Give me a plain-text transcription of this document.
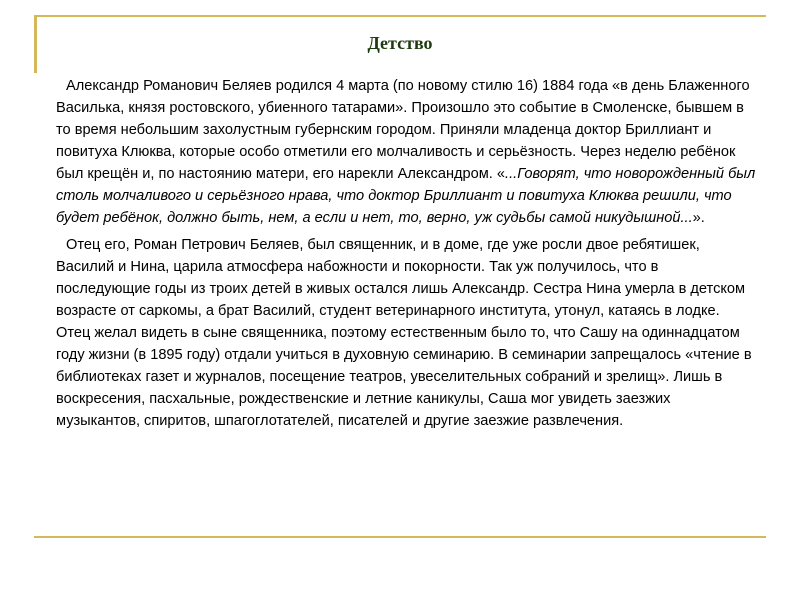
Детство

Александр Романович Беляев родился 4 марта (по новому стилю 16) 1884 года «в день Блаженного Василька, князя ростовского, убиенного татарами». Произошло это событие в Смоленске, бывшем в то время небольшим захолустным губернским городом. Приняли младенца доктор Бриллиант и повитуха Клюква, которые особо отметили его молчаливость и серьёзность. Через неделю ребёнок был крещён и, по настоянию матери, его нарекли Александром. «...Говорят, что новорожденный был столь молчаливого и серьёзного нрава, что доктор Бриллиант и повитуха Клюква решили, что будет ребёнок, должно быть, нем, а если и нет, то, верно, уж судьбы самой никудышной...».

Отец его, Роман Петрович Беляев, был священник, и в доме, где уже росли двое ребятишек, Василий и Нина, царила атмосфера набожности и покорности. Так уж получилось, что в последующие годы из троих детей в живых остался лишь Александр. Сестра Нина умерла в детском возрасте от саркомы, а брат Василий, студент ветеринарного института, утонул, катаясь в лодке. Отец желал видеть в сыне священника, поэтому естественным было то, что Сашу на одиннадцатом году жизни (в 1895 году) отдали учиться в духовную семинарию. В семинарии запрещалось «чтение в библиотеках газет и журналов, посещение театров, увеселительных собраний и зрелищ». Лишь в воскресения, пасхальные, рождественские и летние каникулы, Саша мог увидеть заезжих музыкантов, спиритов, шпагоглотателей, писателей и другие заезжие развлечения.
